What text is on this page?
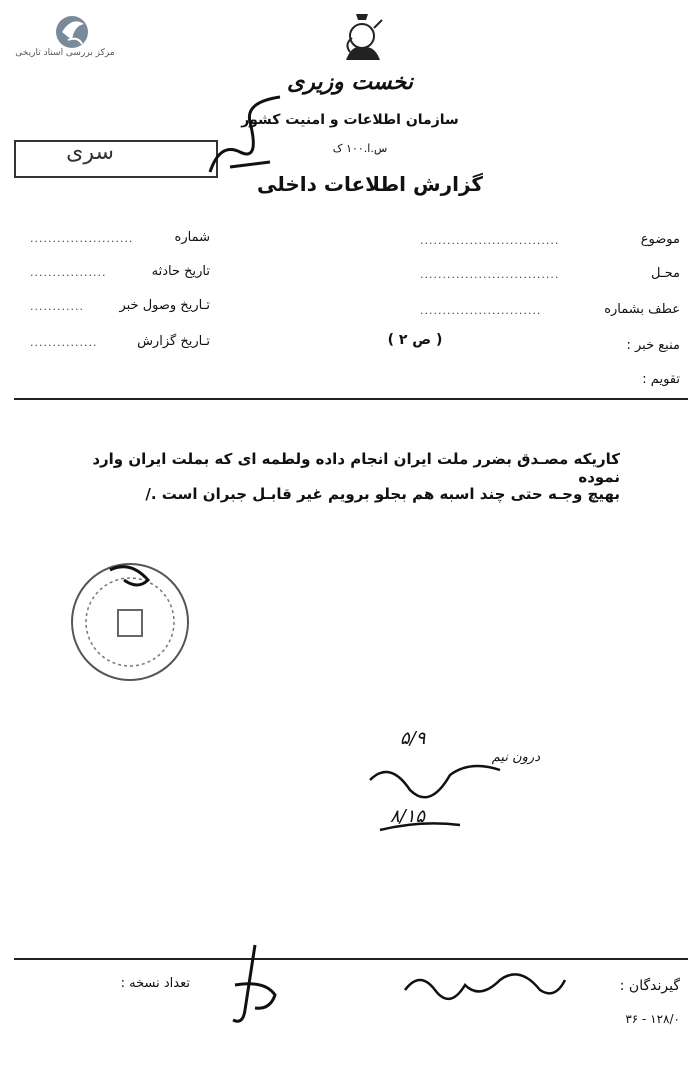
مرکز بررسی اسناد تاریخی
نخست وزیری
سازمان اطلاعات و امنیت کشور
س.ا.۱۰۰ ک
گزارش اطلاعات داخلی
سری
موضوع
...............................
محـل
...............................
عطف بشماره
...........................
منبع خبر :
( ص ۲ )
تقویم :
شماره
.......................
تاریخ حادثه
.................
تـاریخ وصول خبر
............
تـاریخ گزارش
...............
کاریکه مصـدق بضرر ملت ایران انجام داده ولطمه ای که بملت ایران وارد نموده
بهیچ وجـه حتی چند اسبه هم بجلو برویم غیر قابـل جبران است ./
۵/۹
درون نیم
۸/۱۵
گیرندگان :
تعداد نسخه :
۳۶ - ۱۲۸/۰
